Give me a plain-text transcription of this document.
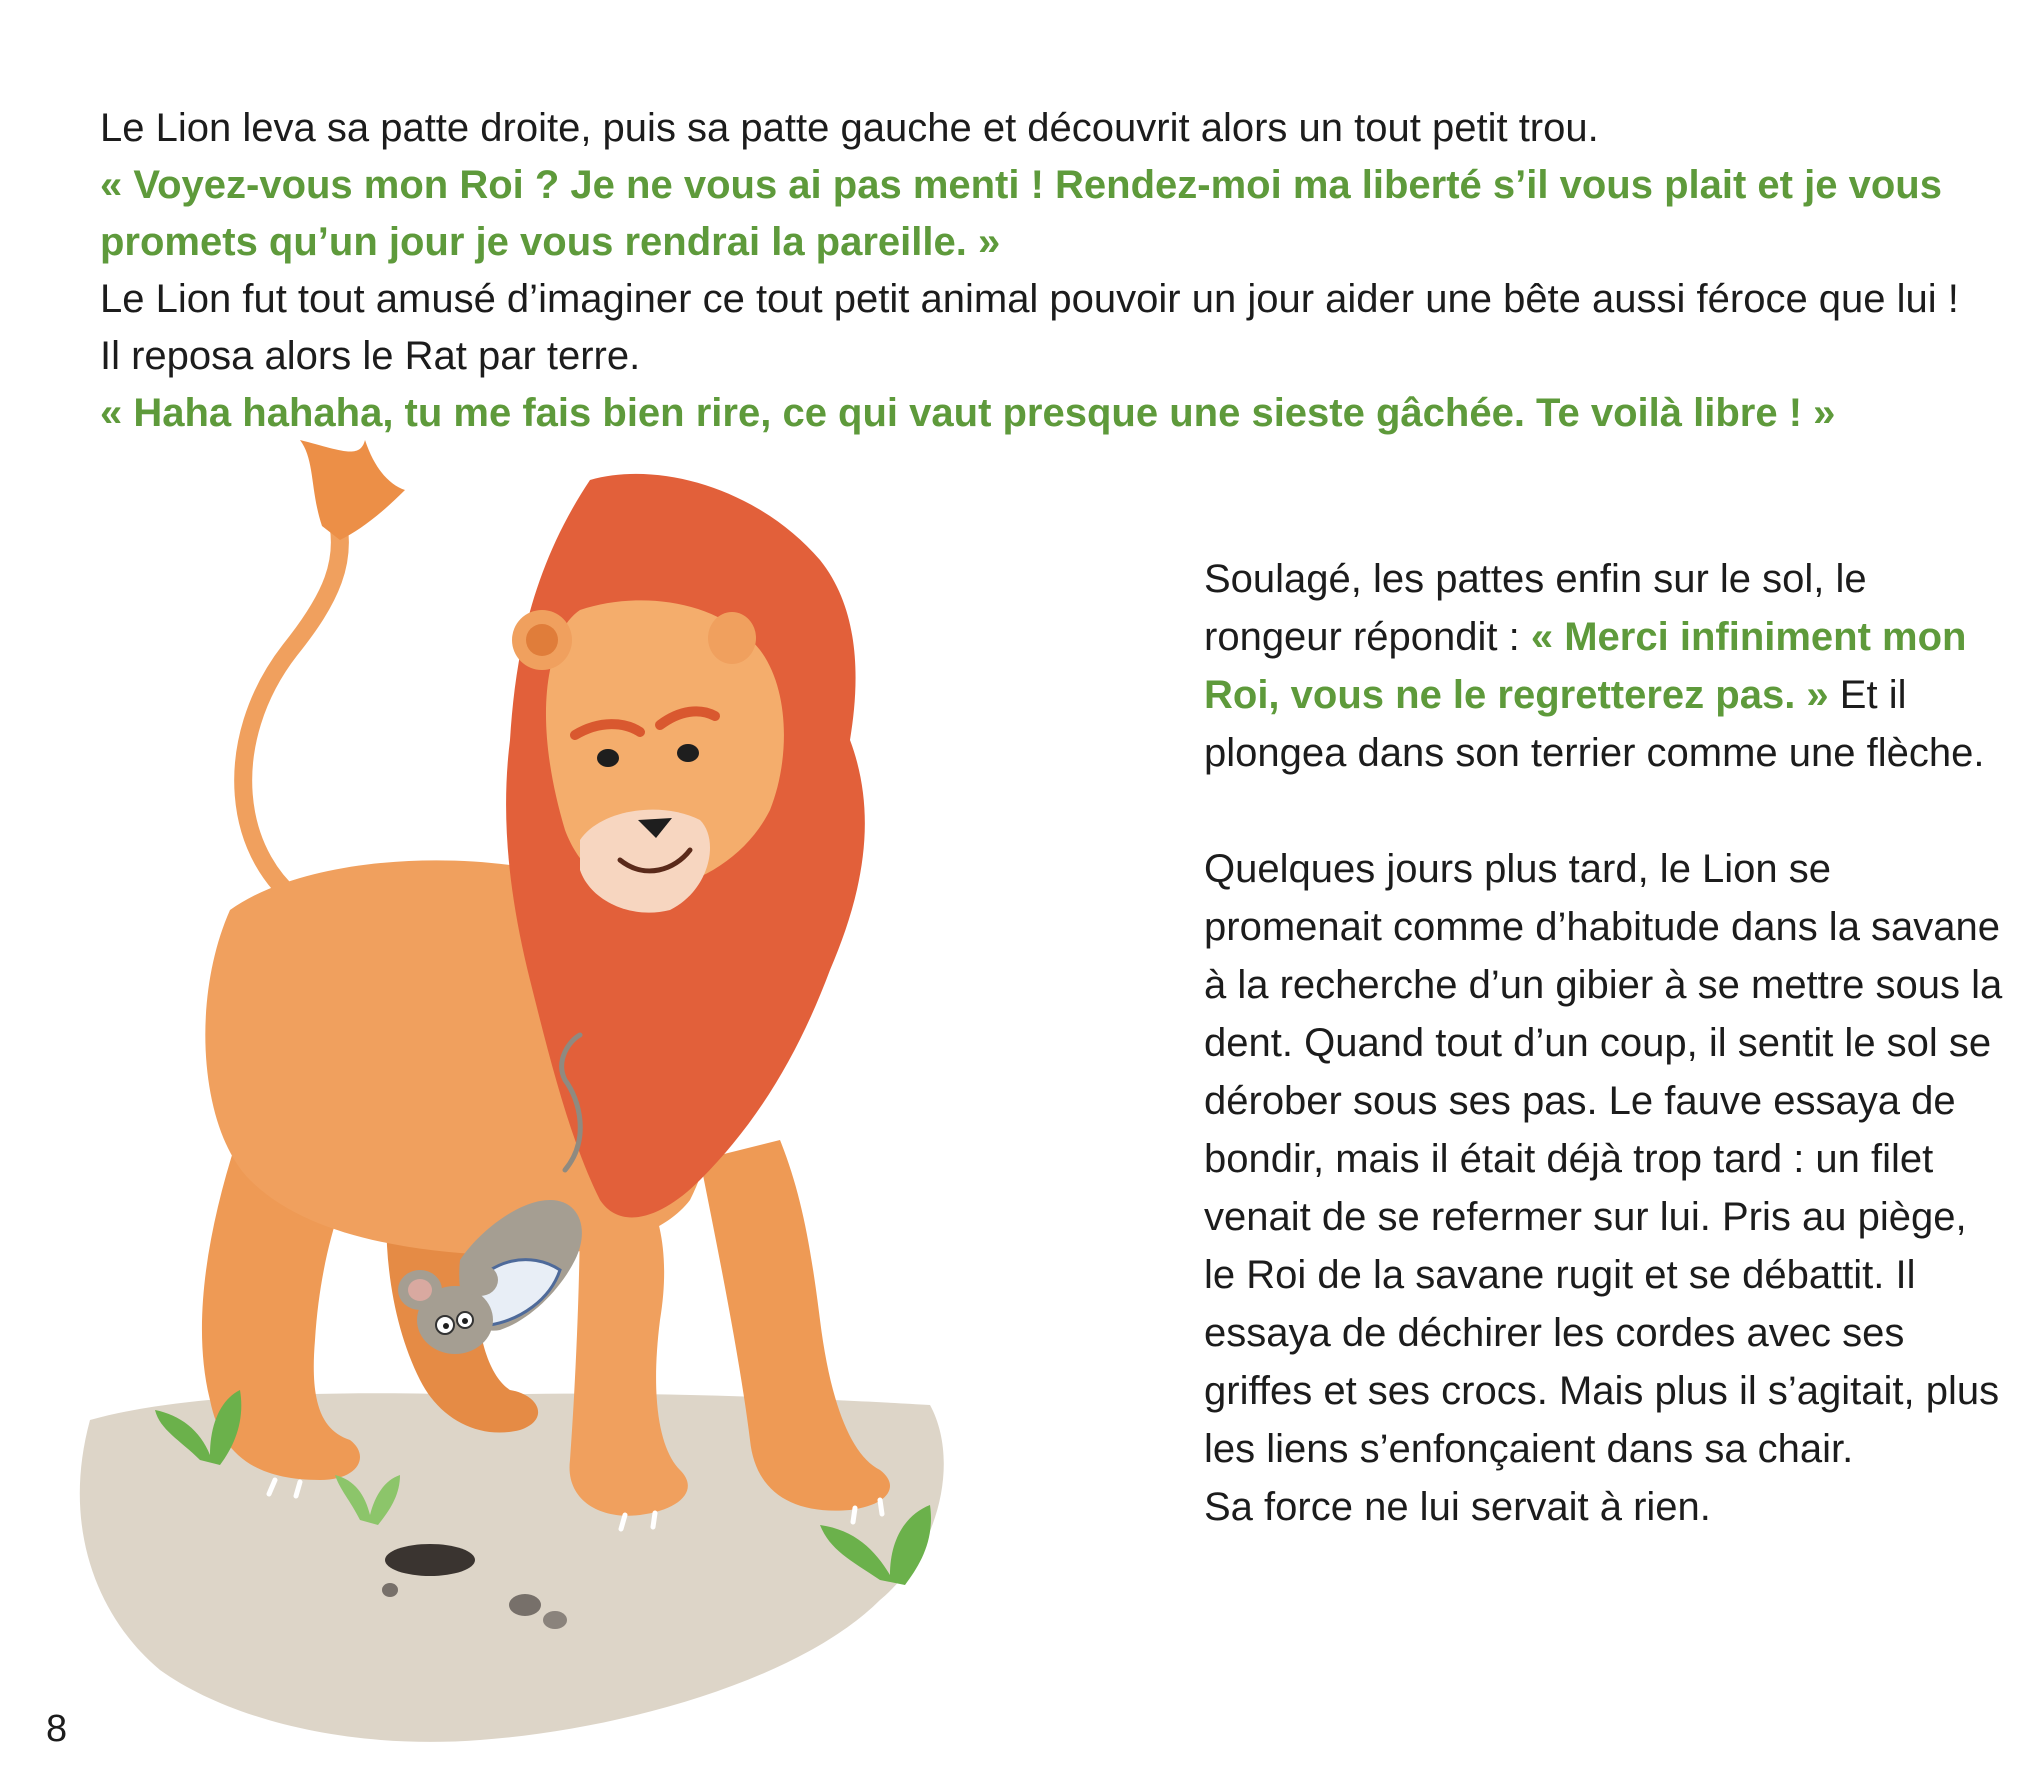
Le Lion leva sa patte droite, puis sa patte gauche et découvrit alors un tout petit trou.

« Voyez-vous mon Roi ? Je ne vous ai pas menti ! Rendez-moi ma liberté s’il vous plait et je vous promets qu’un jour je vous rendrai la pareille. »

Le Lion fut tout amusé d’imaginer ce tout petit animal pouvoir un jour aider une bête aussi féroce que lui ! Il reposa alors le Rat par terre.

« Haha hahaha, tu me fais bien rire, ce qui vaut presque une sieste gâchée. Te voilà libre ! »

Soulagé, les pattes enfin sur le sol, le rongeur répondit : « Merci infiniment mon Roi, vous ne le regretterez pas. » Et il plongea dans son terrier comme une flèche.

Quelques jours plus tard, le Lion se promenait comme d’habitude dans la savane à la recherche d’un gibier à se mettre sous la dent. Quand tout d’un coup, il sentit le sol se dérober sous ses pas. Le fauve essaya de bondir, mais il était déjà trop tard : un filet venait de se refermer sur lui. Pris au piège, le Roi de la savane rugit et se débattit. Il essaya de déchirer les cordes avec ses griffes et ses crocs. Mais plus il s’agitait, plus les liens s’enfonçaient dans sa chair.
Sa force ne lui servait à rien.

8
